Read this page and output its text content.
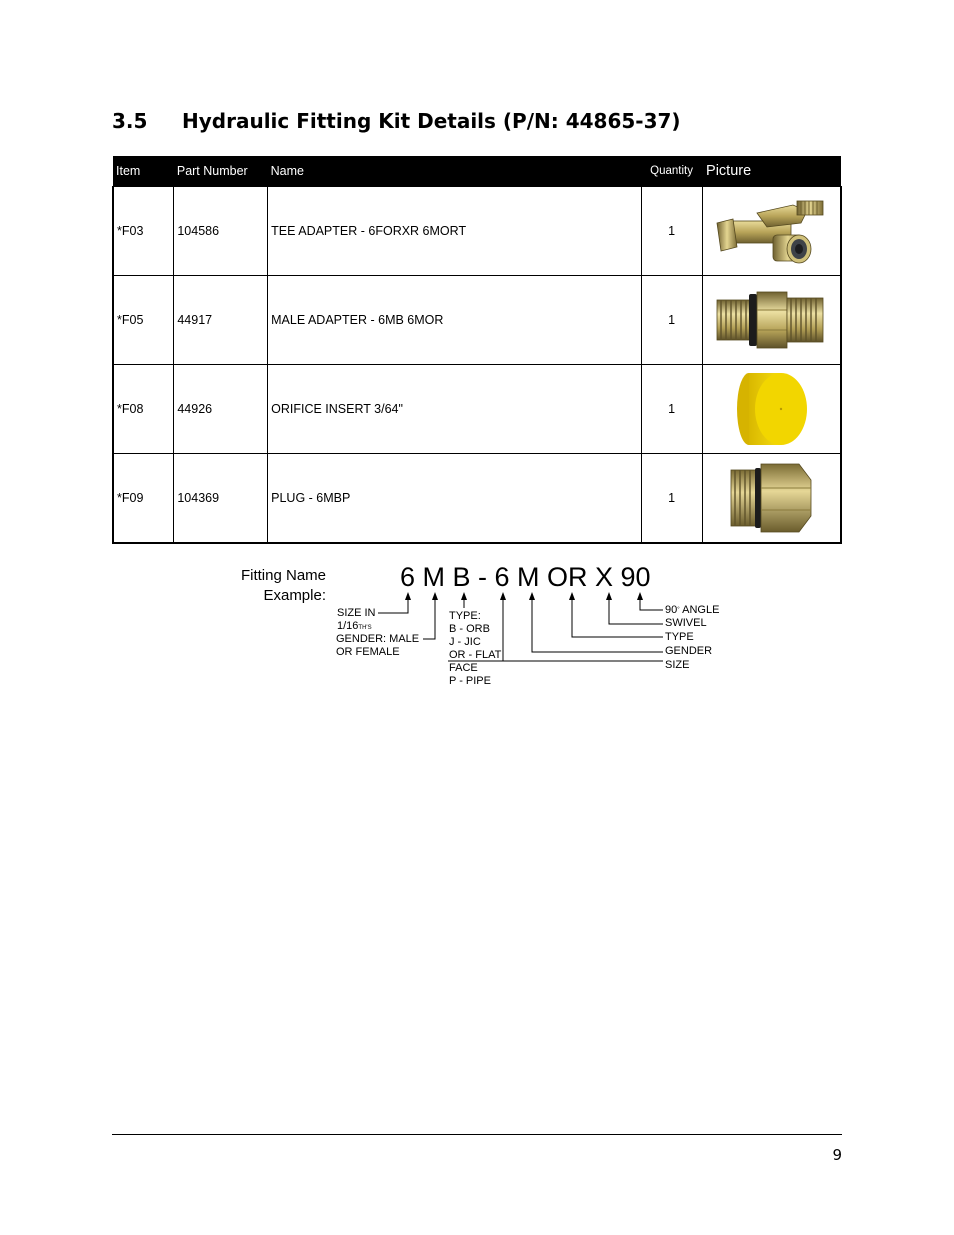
3.5 Hydraulic Fitting Kit Details (P/N: 44865-37)
Item	Part Number	Name	Quantity	Picture
*F03	104586	TEE ADAPTER - 6FORXR 6MORT	1	

*F05	44917	MALE ADAPTER - 6MB 6MOR	1	

*F08	44926	ORIFICE INSERT 3/64"	1	

*F09	104369	PLUG - 6MBP	1	
Fitting Name
Example:
6 M B - 6 M OR X 90
SIZE IN
1/16TH'S
GENDER: MALE
OR FEMALE
TYPE:
B - ORB
J - JIC
OR - FLAT
FACE
P - PIPE
90° ANGLE
SWIVEL
TYPE
GENDER
SIZE
9
